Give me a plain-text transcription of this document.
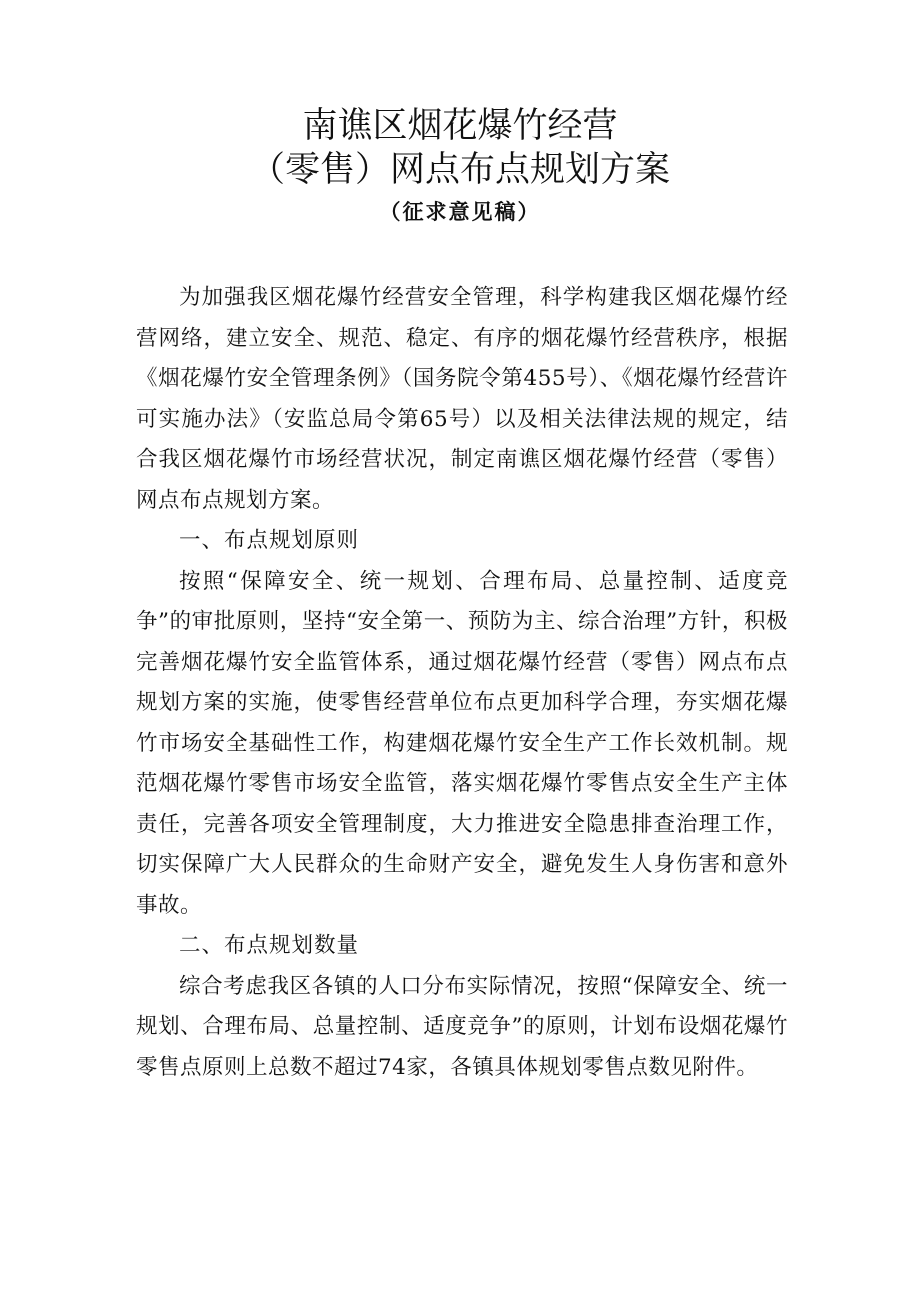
南谯区烟花爆竹经营
（零售）网点布点规划方案
（征求意见稿）

为加强我区烟花爆竹经营安全管理，科学构建我区烟花爆竹经营网络，建立安全、规范、稳定、有序的烟花爆竹经营秩序，根据《烟花爆竹安全管理条例》（国务院令第455号）、《烟花爆竹经营许可实施办法》（安监总局令第65号）以及相关法律法规的规定，结合我区烟花爆竹市场经营状况，制定南谯区烟花爆竹经营（零售）网点布点规划方案。

一、布点规划原则

按照“保障安全、统一规划、合理布局、总量控制、适度竞争”的审批原则，坚持“安全第一、预防为主、综合治理”方针，积极完善烟花爆竹安全监管体系，通过烟花爆竹经营（零售）网点布点规划方案的实施，使零售经营单位布点更加科学合理，夯实烟花爆竹市场安全基础性工作，构建烟花爆竹安全生产工作长效机制。规范烟花爆竹零售市场安全监管，落实烟花爆竹零售点安全生产主体责任，完善各项安全管理制度，大力推进安全隐患排查治理工作，切实保障广大人民群众的生命财产安全，避免发生人身伤害和意外事故。

二、布点规划数量

综合考虑我区各镇的人口分布实际情况，按照“保障安全、统一规划、合理布局、总量控制、适度竞争”的原则，计划布设烟花爆竹零售点原则上总数不超过74家，各镇具体规划零售点数见附件。
